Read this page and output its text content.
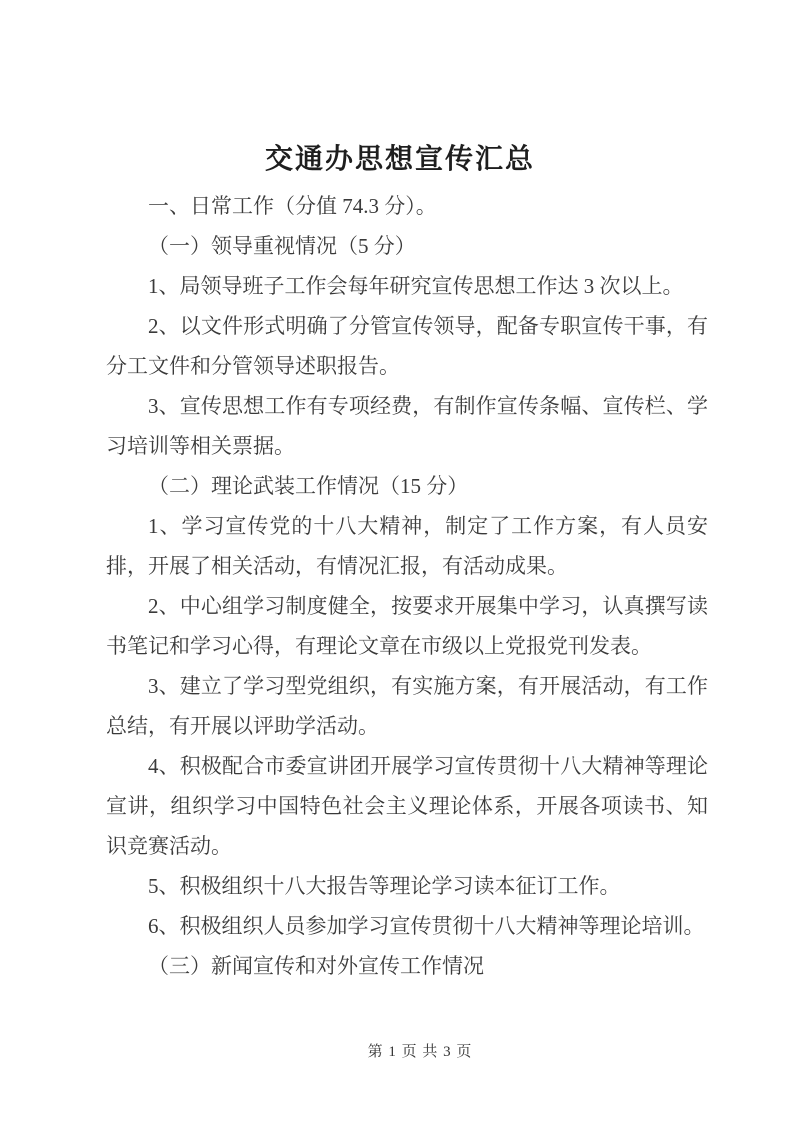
交通办思想宣传汇总

一、日常工作（分值 74.3 分）。

（一）领导重视情况（5 分）

1、局领导班子工作会每年研究宣传思想工作达 3 次以上。

2、以文件形式明确了分管宣传领导，配备专职宣传干事，有分工文件和分管领导述职报告。

3、宣传思想工作有专项经费，有制作宣传条幅、宣传栏、学习培训等相关票据。

（二）理论武装工作情况（15 分）

1、学习宣传党的十八大精神，制定了工作方案，有人员安排，开展了相关活动，有情况汇报，有活动成果。

2、中心组学习制度健全，按要求开展集中学习，认真撰写读书笔记和学习心得，有理论文章在市级以上党报党刊发表。

3、建立了学习型党组织，有实施方案，有开展活动，有工作总结，有开展以评助学活动。

4、积极配合市委宣讲团开展学习宣传贯彻十八大精神等理论宣讲，组织学习中国特色社会主义理论体系，开展各项读书、知识竞赛活动。

5、积极组织十八大报告等理论学习读本征订工作。

6、积极组织人员参加学习宣传贯彻十八大精神等理论培训。

（三）新闻宣传和对外宣传工作情况

第 1 页 共 3 页
